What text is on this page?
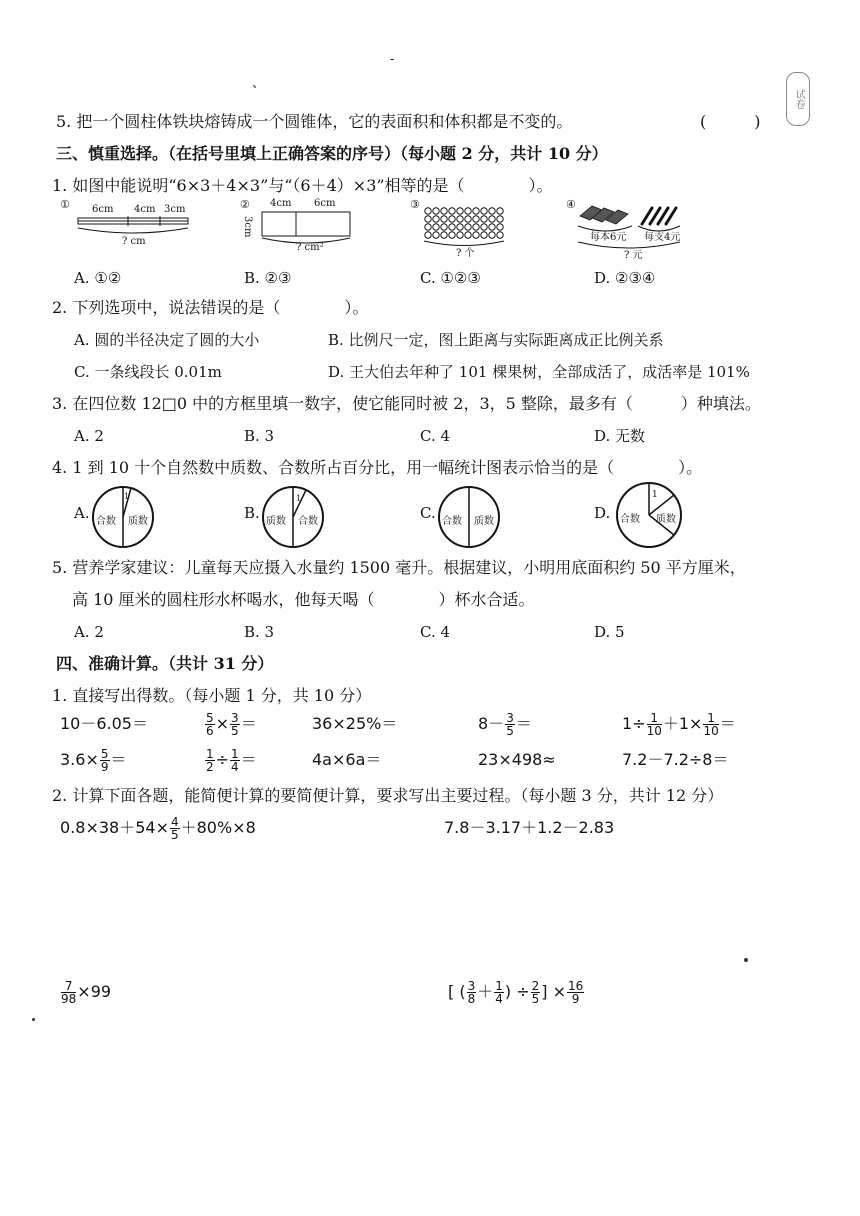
、
-
试卷
5. 把一个圆柱体铁块熔铸成一个圆锥体，它的表面积和体积都是不变的。	(　　　)
三、慎重选择。（在括号里填上正确答案的序号）（每小题 2 分，共计 10 分）
1. 如图中能说明“6×3＋4×3”与“（6＋4）×3”相等的是（　　　　）。
① 6cm 4cm 3cm
? cm
② 4cm 6cm
3cm
? cm²
③
? 个
④
每本6元 每支4元
? 元
A. ①②	B. ②③	C. ①②③	D. ②③④
2. 下列选项中，说法错误的是（　　　　）。
A. 圆的半径决定了圆的大小	B. 比例尺一定，图上距离与实际距离成正比例关系
C. 一条线段长 0.01m	D. 王大伯去年种了 101 棵果树，全部成活了，成活率是 101%
3. 在四位数 12□0 中的方框里填一数字，使它能同时被 2，3，5 整除，最多有（　　　）种填法。
A. 2	B. 3	C. 4	D. 无数
4. 1 到 10 十个自然数中质数、合数所占百分比，用一幅统计图表示恰当的是（　　　　）。
A. 合数 质数
1
B. 质数 合数
1
C. 合数 质数	D. 合数 质数
1
5. 营养学家建议：儿童每天应摄入水量约 1500 毫升。根据建议，小明用底面积约 50 平方厘米，
高 10 厘米的圆柱形水杯喝水，他每天喝（　　　　）杯水合适。
A. 2	B. 3	C. 4	D. 5
四、准确计算。（共计 31 分）
1. 直接写出得数。（每小题 1 分，共 10 分）
10－6.05＝	$\frac{5}{6} \times \frac{3}{5}$ ＝	36×25%＝	$8- \frac{3}{5}$ ＝	$1\div \frac{1}{10} +1\times \frac{1}{10}$ ＝
$3.6\times \frac{5}{9}$ ＝	$\frac{1}{2} \div \frac{1}{4}$ ＝	4a×6a＝	23×498≈	7.2－7.2÷8＝
2. 计算下面各题，能简便计算的要简便计算，要求写出主要过程。（每小题 3 分，共计 12 分）
$0.8\times 38+54\times \frac{4}{5} +80\%\times 8$	7.8－3.17＋1.2－2.83
$\frac{7}{98} \times 99$	[ ( $\frac{3}{8} + \frac{1}{4}$ ) ÷ $\frac{2}{5}$ ] × $\frac{16}{9}$
